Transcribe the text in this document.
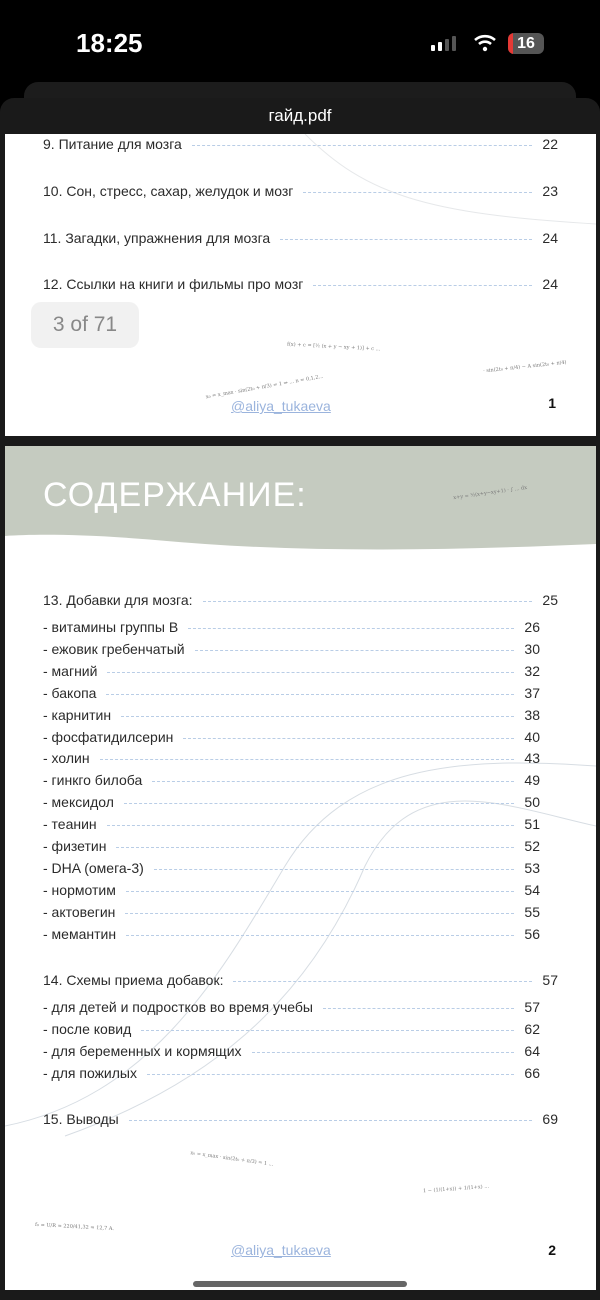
18:25	16
гайд.pdf
9. Питание для мозга	22
10. Сон, стресс, сахар, желудок и мозг	23
11. Загадки, упражнения для мозга	24
12. Ссылки на книги и фильмы про мозг	24
x₀ = x_max · sin(2t₀ + π/3) = 1 ⇒ ... n = 0,1,2...
f(x) + c = [½ (x + y − xy + 1)] + c ...
· sin(2t₀ + π/4) − A sin(2t₀ + π/4)
@aliya_tukaeva	1
3 of 71
СОДЕРЖАНИЕ:	x+y = ½(x+y−xy+1) · ∫ ... dx
13. Добавки для мозга:	25
- витамины группы В	26
- ежовик гребенчатый	30
- магний	32
- бакопа	37
- карнитин	38
- фосфатидилсерин	40
- холин	43
- гинкго билоба	49
- мексидол	50
- теанин	51
- физетин	52
- DHA (омега-3)	53
- нормотим	54
- актовегин	55
- мемантин	56
14. Схемы приема добавок:	57
- для детей и подростков во время учебы	57
- после ковид	62
- для беременных и кормящих	64
- для пожилых	66
15. Выводы	69
x₀ = x_max · sin(2t₀ + π/3) = 1 ...
f₀ = U/R = 220/41,32 = 12,7 A.
1 − (1/(1+x)) + 1/(1+x) ...
@aliya_tukaeva	2
